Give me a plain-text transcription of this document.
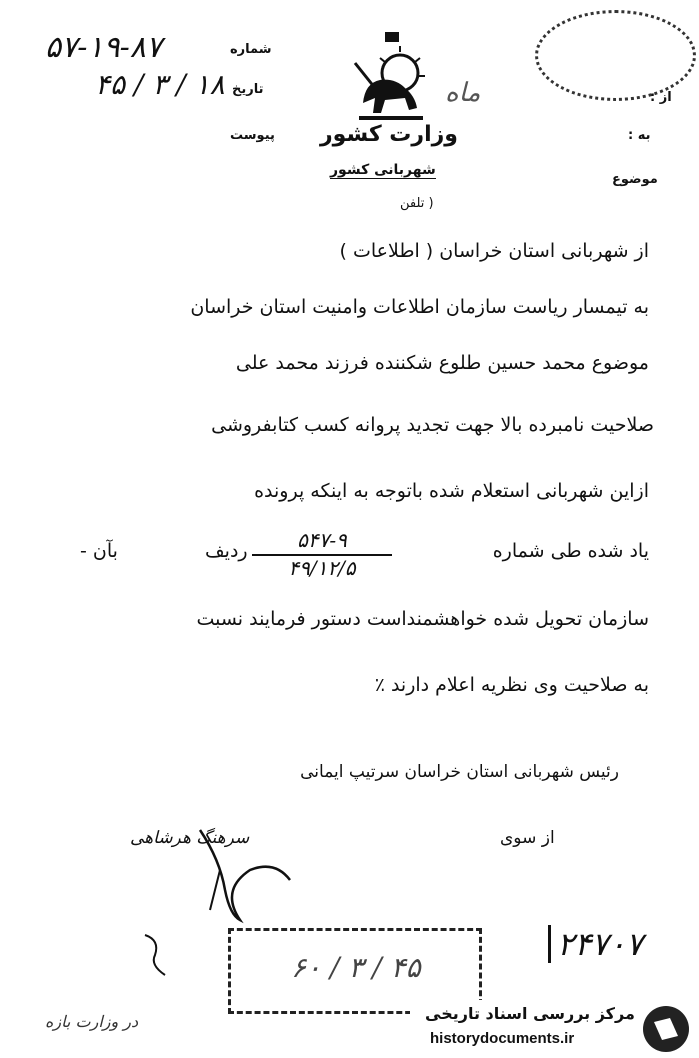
ماه	از :
به :
موضوع
شماره
۵۷-۱۹-۸۷
تاریخ
۱۸ / ۳ / ۴۵
پیوست وزارت کشور
شهربانی کشور
( تلفن
از شهربانی استان خراسان ( اطلاعات )
به تیمسار ریاست سازمان اطلاعات وامنیت استان خراسان
موضوع محمد حسین طلوع شکننده فرزند محمد علی
صلاحیت نامبرده بالا جهت تجدید پروانه کسب کتابفروشی
ازاین شهربانی استعلام شده باتوجه به اینکه پرونده
یاد شده طی شماره
۵۴۷-۹
۴۹/۱۲/۵
ردیف
بآن -
سازمان تحویل شده خواهشمنداست دستور فرمایند نسبت
به صلاحیت وی نظریه اعلام دارند ٪
رئیس شهربانی استان خراسان سرتیپ ایمانی
از سوی
سرهنگ هرشاهی
۲۴۷۰۷
۶۰ / ۳ / ۴۵
در وزارت بازه	مرکز بررسی اسناد تاریخی
historydocuments.ir
